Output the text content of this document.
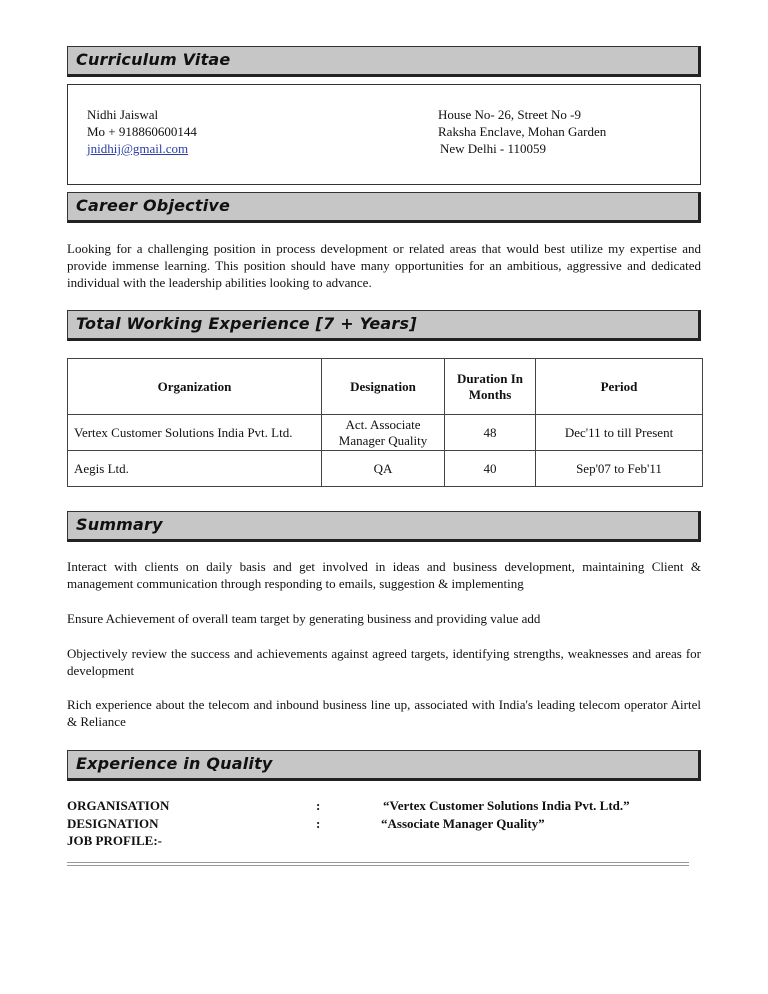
Curriculum Vitae
Nidhi Jaiswal
Mo + 918860600144
jnidhij@gmail.com
House No- 26, Street No -9
Raksha Enclave, Mohan Garden
New Delhi - 110059
Career Objective
Looking for a challenging position in process development or related areas that would best utilize my expertise and provide immense learning. This position should have many opportunities for an ambitious, aggressive and dedicated individual with the leadership abilities looking to advance.
Total Working Experience [7 + Years]
Organization	Designation	Duration In Months	Period
Vertex Customer Solutions India Pvt. Ltd.	Act. Associate Manager Quality	48	Dec'11 to till Present
Aegis Ltd.	QA	40	Sep'07 to Feb'11
Summary
Interact with clients on daily basis and get involved in ideas and business development, maintaining Client & management communication through responding to emails, suggestion & implementing
Ensure Achievement of overall team target by generating business and providing value add
Objectively review the success and achievements against agreed targets, identifying strengths, weaknesses and areas for development
Rich experience about the telecom and inbound business line up, associated with India's leading telecom operator Airtel & Reliance
Experience in Quality
ORGANISATION	:	“Vertex Customer Solutions India Pvt. Ltd.”
DESIGNATION	:	“Associate Manager Quality”
JOB PROFILE:-
